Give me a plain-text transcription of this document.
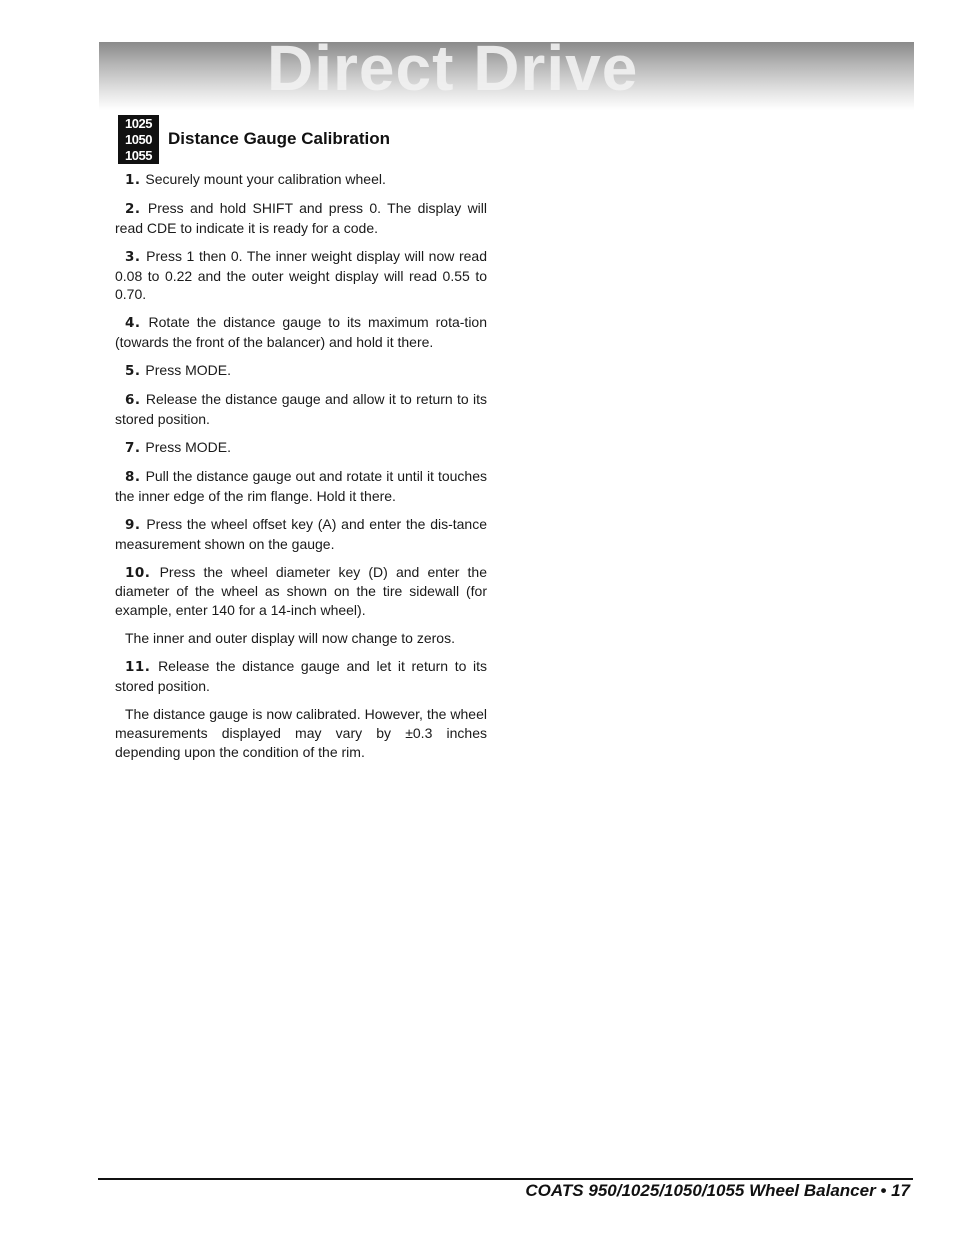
Direct Drive
1025
1050
1055
Distance Gauge Calibration

1. Securely mount your calibration wheel.

2. Press and hold SHIFT and press 0. The display will read CDE to indicate it is ready for a code.

3. Press 1 then 0. The inner weight display will now read 0.08 to 0.22 and the outer weight display will read 0.55 to 0.70.

4. Rotate the distance gauge to its maximum rota-tion (towards the front of the balancer) and hold it there.

5. Press MODE.

6. Release the distance gauge and allow it to return to its stored position.

7. Press MODE.

8. Pull the distance gauge out and rotate it until it touches the inner edge of the rim flange. Hold it there.

9. Press the wheel offset key (A) and enter the dis-tance measurement shown on the gauge.

10. Press the wheel diameter key (D) and enter the diameter of the wheel as shown on the tire sidewall (for example, enter 140 for a 14-inch wheel).

The inner and outer display will now change to zeros.

11. Release the distance gauge and let it return to its stored position.

The distance gauge is now calibrated. However, the wheel measurements displayed may vary by ±0.3 inches depending upon the condition of the rim.

COATS 950/1025/1050/1055 Wheel Balancer • 17
